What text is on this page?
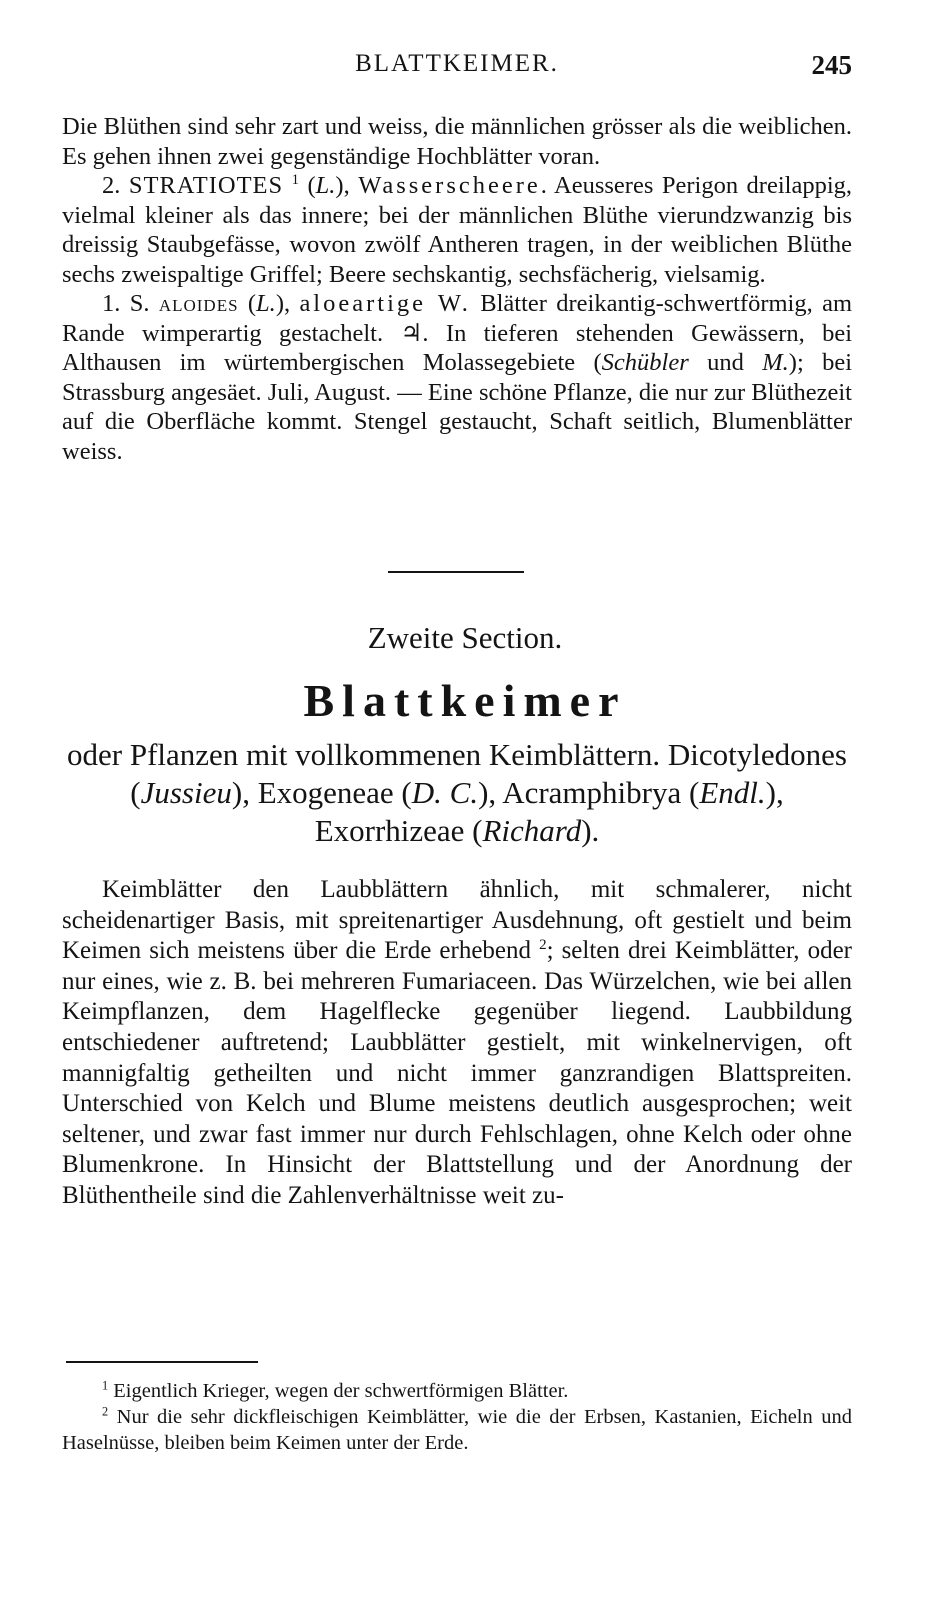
BLATTKEIMER.	245

Die Blüthen sind sehr zart und weiss, die männlichen grösser als die weiblichen. Es gehen ihnen zwei gegenständige Hochblätter voran.

2. STRATIOTES $^1$ (L.), Wasserscheere. Aeusseres Perigon dreilappig, vielmal kleiner als das innere; bei der männlichen Blüthe vierundzwanzig bis dreissig Staubgefässe, wovon zwölf Antheren tragen, in der weiblichen Blüthe sechs zweispaltige Griffel; Beere sechskantig, sechsfächerig, vielsamig.

1. S. aloides (L.), aloeartige W. Blätter dreikantig-schwertförmig, am Rande wimperartig gestachelt. ♃. In tieferen stehenden Gewässern, bei Althausen im würtembergischen Molassegebiete (Schübler und M.); bei Strassburg angesäet. Juli, August. — Eine schöne Pflanze, die nur zur Blüthezeit auf die Oberfläche kommt. Stengel gestaucht, Schaft seitlich, Blumenblätter weiss.

Zweite Section.
Blattkeimer
oder Pflanzen mit vollkommenen Keimblättern. Dicotyledones (Jussieu), Exogeneae (D. C.), Acramphibrya (Endl.), Exorrhizeae (Richard).

Keimblätter den Laubblättern ähnlich, mit schmalerer, nicht scheidenartiger Basis, mit spreitenartiger Ausdehnung, oft gestielt und beim Keimen sich meistens über die Erde erhebend $^2$; selten drei Keimblätter, oder nur eines, wie z. B. bei mehreren Fumariaceen. Das Würzelchen, wie bei allen Keimpflanzen, dem Hagelflecke gegenüber liegend. Laubbildung entschiedener auftretend; Laubblätter gestielt, mit winkelnervigen, oft mannigfaltig getheilten und nicht immer ganzrandigen Blattspreiten. Unterschied von Kelch und Blume meistens deutlich ausgesprochen; weit seltener, und zwar fast immer nur durch Fehlschlagen, ohne Kelch oder ohne Blumenkrone. In Hinsicht der Blattstellung und der Anordnung der Blüthentheile sind die Zahlenverhältnisse weit zu-

$^1$ Eigentlich Krieger, wegen der schwertförmigen Blätter.

$^2$ Nur die sehr dickfleischigen Keimblätter, wie die der Erbsen, Kastanien, Eicheln und Haselnüsse, bleiben beim Keimen unter der Erde.
